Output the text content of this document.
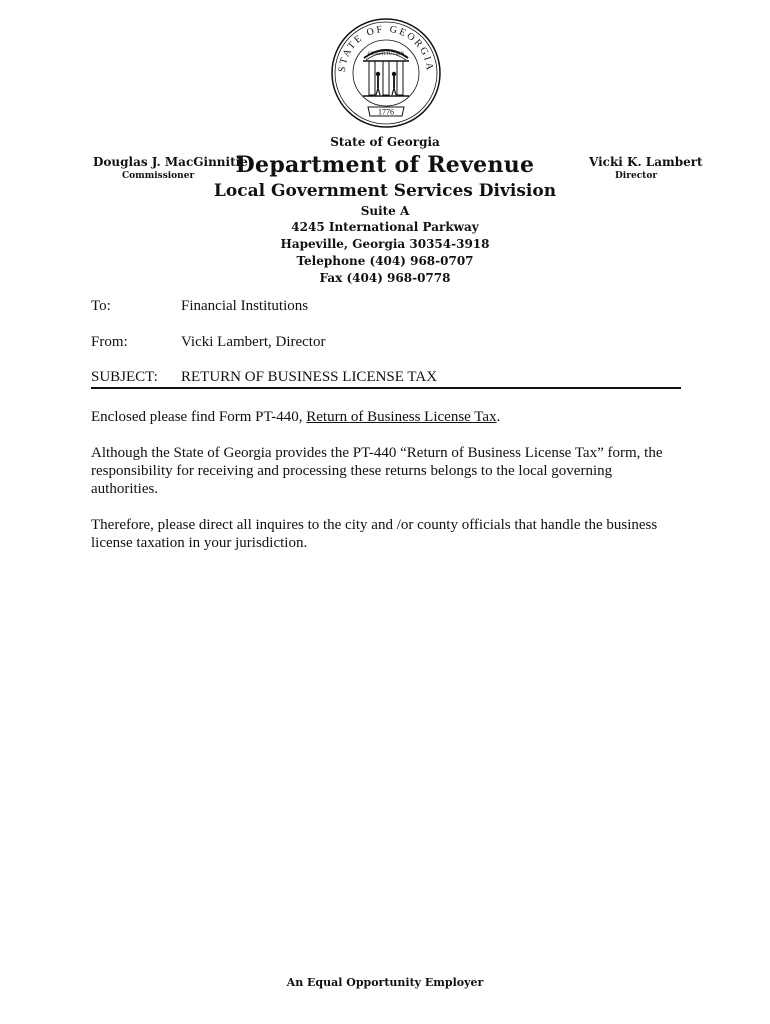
STATE OF GEORGIA
CONSTITUTION
1776
State of Georgia
Department of Revenue
Local Government Services Division
Suite A
4245 International Parkway
Hapeville, Georgia 30354-3918
Telephone (404) 968-0707
Fax (404) 968-0778
Douglas J. MacGinnitie
Commissioner
Vicki K. Lambert
Director
To:	Financial Institutions
From:	Vicki Lambert, Director
SUBJECT: RETURN OF BUSINESS LICENSE TAX
Enclosed please find Form PT-440, Return of Business License Tax.
Although the State of Georgia provides the PT-440 “Return of Business License Tax” form, the responsibility for receiving and processing these returns belongs to the local governing authorities.
Therefore, please direct all inquires to the city and /or county officials that handle the business license taxation in your jurisdiction.
An Equal Opportunity Employer
